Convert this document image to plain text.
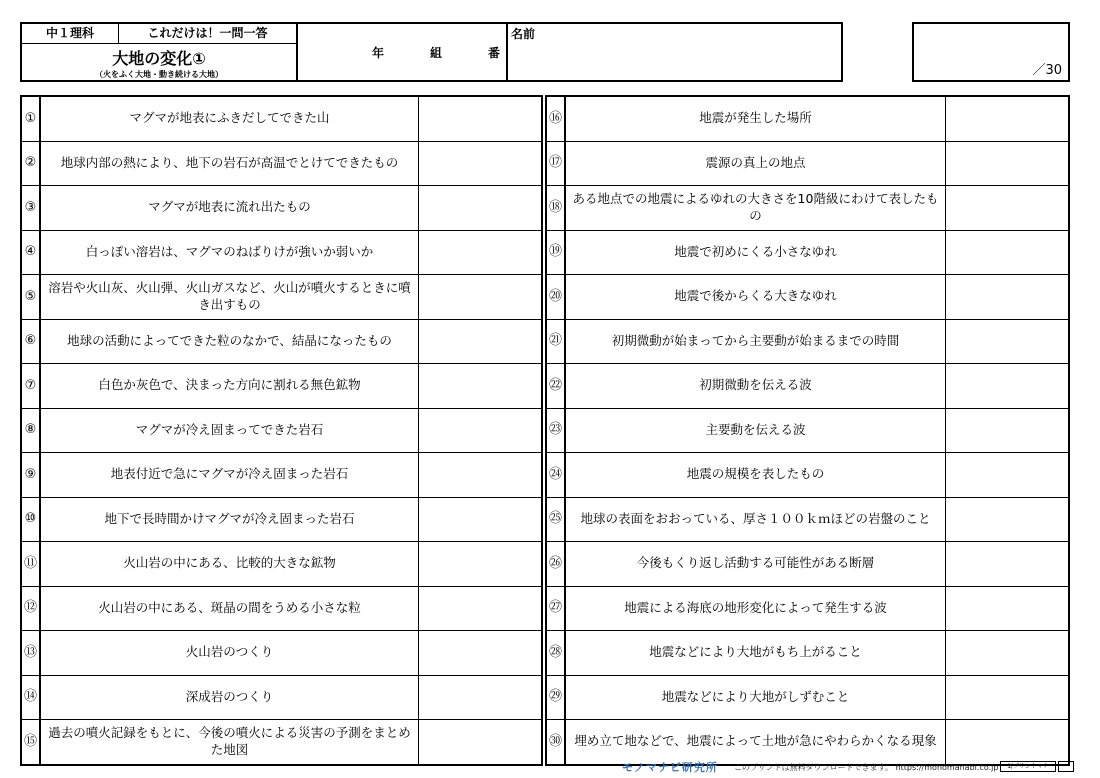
中１理科	これだけは！一問一答
大地の変化①
（火をふく大地・動き続ける大地）
年	組	番
名前
／30
①	マグマが地表にふきだしてできた山	
②	地球内部の熱により、地下の岩石が高温でとけてできたもの	
③	マグマが地表に流れ出たもの	
④	白っぽい溶岩は、マグマのねばりけが強いか弱いか	
⑤	溶岩や火山灰、火山弾、火山ガスなど、火山が噴火するときに噴き出すもの	
⑥	地球の活動によってできた粒のなかで、結晶になったもの	
⑦	白色か灰色で、決まった方向に割れる無色鉱物	
⑧	マグマが冷え固まってできた岩石	
⑨	地表付近で急にマグマが冷え固まった岩石	
⑩	地下で長時間かけマグマが冷え固まった岩石	
⑪	火山岩の中にある、比較的大きな鉱物	
⑫	火山岩の中にある、斑晶の間をうめる小さな粒	
⑬	火山岩のつくり	
⑭	深成岩のつくり	
⑮	過去の噴火記録をもとに、今後の噴火による災害の予測をまとめた地図	
⑯	地震が発生した場所	
⑰	震源の真上の地点	
⑱	ある地点での地震によるゆれの大きさを10階級にわけて表したもの	
⑲	地震で初めにくる小さなゆれ	
⑳	地震で後からくる大きなゆれ	
㉑	初期微動が始まってから主要動が始まるまでの時間	
㉒	初期微動を伝える波	
㉓	主要動を伝える波	
㉔	地震の規模を表したもの	
㉕	地球の表面をおおっている、厚さ１００ｋｍほどの岩盤のこと	
㉖	今後もくり返し活動する可能性がある断層	
㉗	地震による海底の地形変化によって発生する波	
㉘	地震などにより大地がもち上がること	
㉙	地震などにより大地がしずむこと	
㉚	埋め立て地などで、地震によって土地が急にやわらかくなる現象	
モノマナビ研究所 このプリントは無料ダウンロードできます。 https://monomanabi.co.jp	1/プリントマナ
